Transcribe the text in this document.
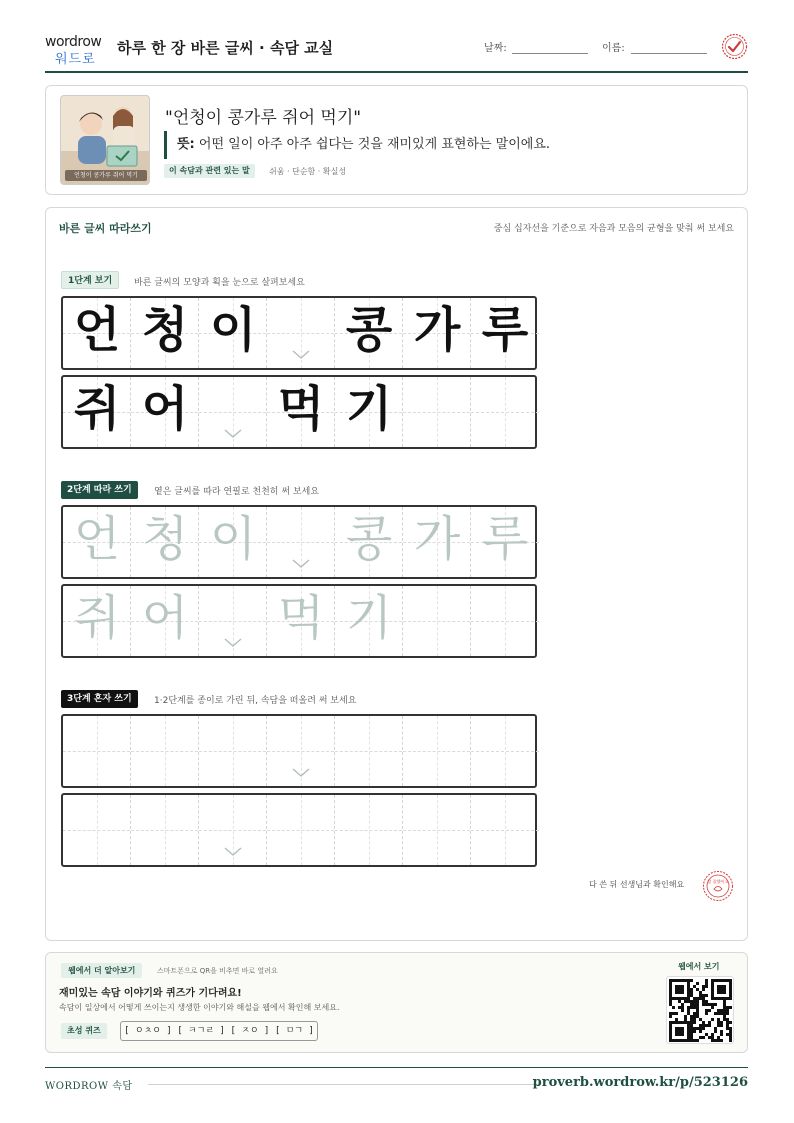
wordrow
워드로
하루 한 장 바른 글씨 · 속담 교실	날짜:	이름:
언청이 콩가루 쥐어 먹기
"언청이 콩가루 쥐어 먹기"
뜻: 어떤 일이 아주 아주 쉽다는 것을 재미있게 표현하는 말이에요.
이 속담과 관련 있는 말	쉬움 · 단순함 · 확실성
바른 글씨 따라쓰기	중심 십자선을 기준으로 자음과 모음의 균형을 맞춰 써 보세요
1단계 보기	바른 글씨의 모양과 획을 눈으로 살펴보세요
2단계 따라 쓰기	옅은 글씨를 따라 연필로 천천히 써 보세요
3단계 혼자 쓰기	1·2단계를 종이로 가린 뒤, 속담을 떠올려 써 보세요
언 청 이 콩 가 루
쥐 어 먹 기
언 청 이 콩 가 루
쥐 어 먹 기
다 쓴 뒤 선생님과 확인해요	참 잘했어요
웹에서 더 알아보기	스마트폰으로 QR을 비추면 바로 열려요
재미있는 속담 이야기와 퀴즈가 기다려요!
속담이 일상에서 어떻게 쓰이는지 생생한 이야기와 해설을 웹에서 확인해 보세요.
초성 퀴즈	[ ㅇㅊㅇ ] [ ㅋㄱㄹ ] [ ㅈㅇ ] [ ㅁㄱ ]
웹에서 보기
WORDROW 속담	proverb.wordrow.kr/p/523126
